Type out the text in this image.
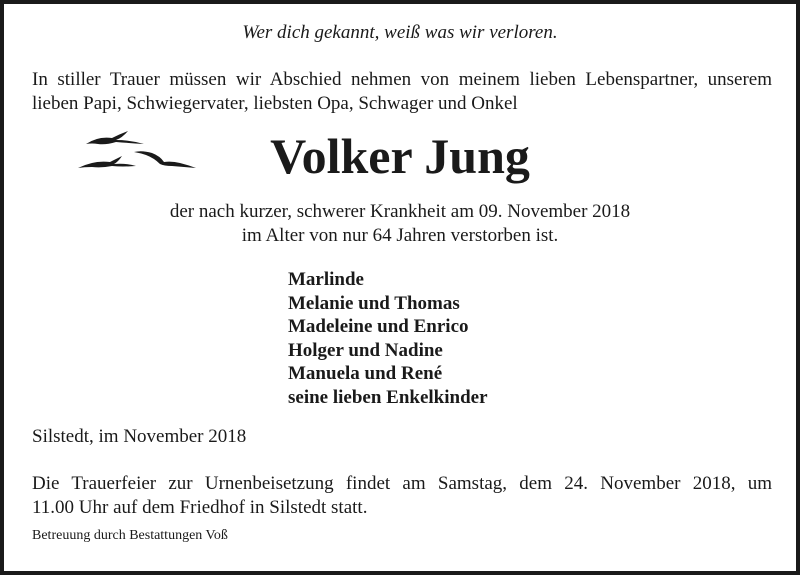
Wer dich gekannt, weiß was wir verloren.
In stiller Trauer müssen wir Abschied nehmen von meinem lieben Lebenspartner, unserem
lieben Papi, Schwiegervater, liebsten Opa, Schwager und Onkel
Volker Jung
der nach kurzer, schwerer Krankheit am 09. November 2018
im Alter von nur 64 Jahren verstorben ist.
Marlinde
Melanie und Thomas
Madeleine und Enrico
Holger und Nadine
Manuela und René
seine lieben Enkelkinder
Silstedt, im November 2018
Die Trauerfeier zur Urnenbeisetzung findet am Samstag, dem 24. November 2018, um
11.00 Uhr auf dem Friedhof in Silstedt statt.
Betreuung durch Bestattungen Voß
